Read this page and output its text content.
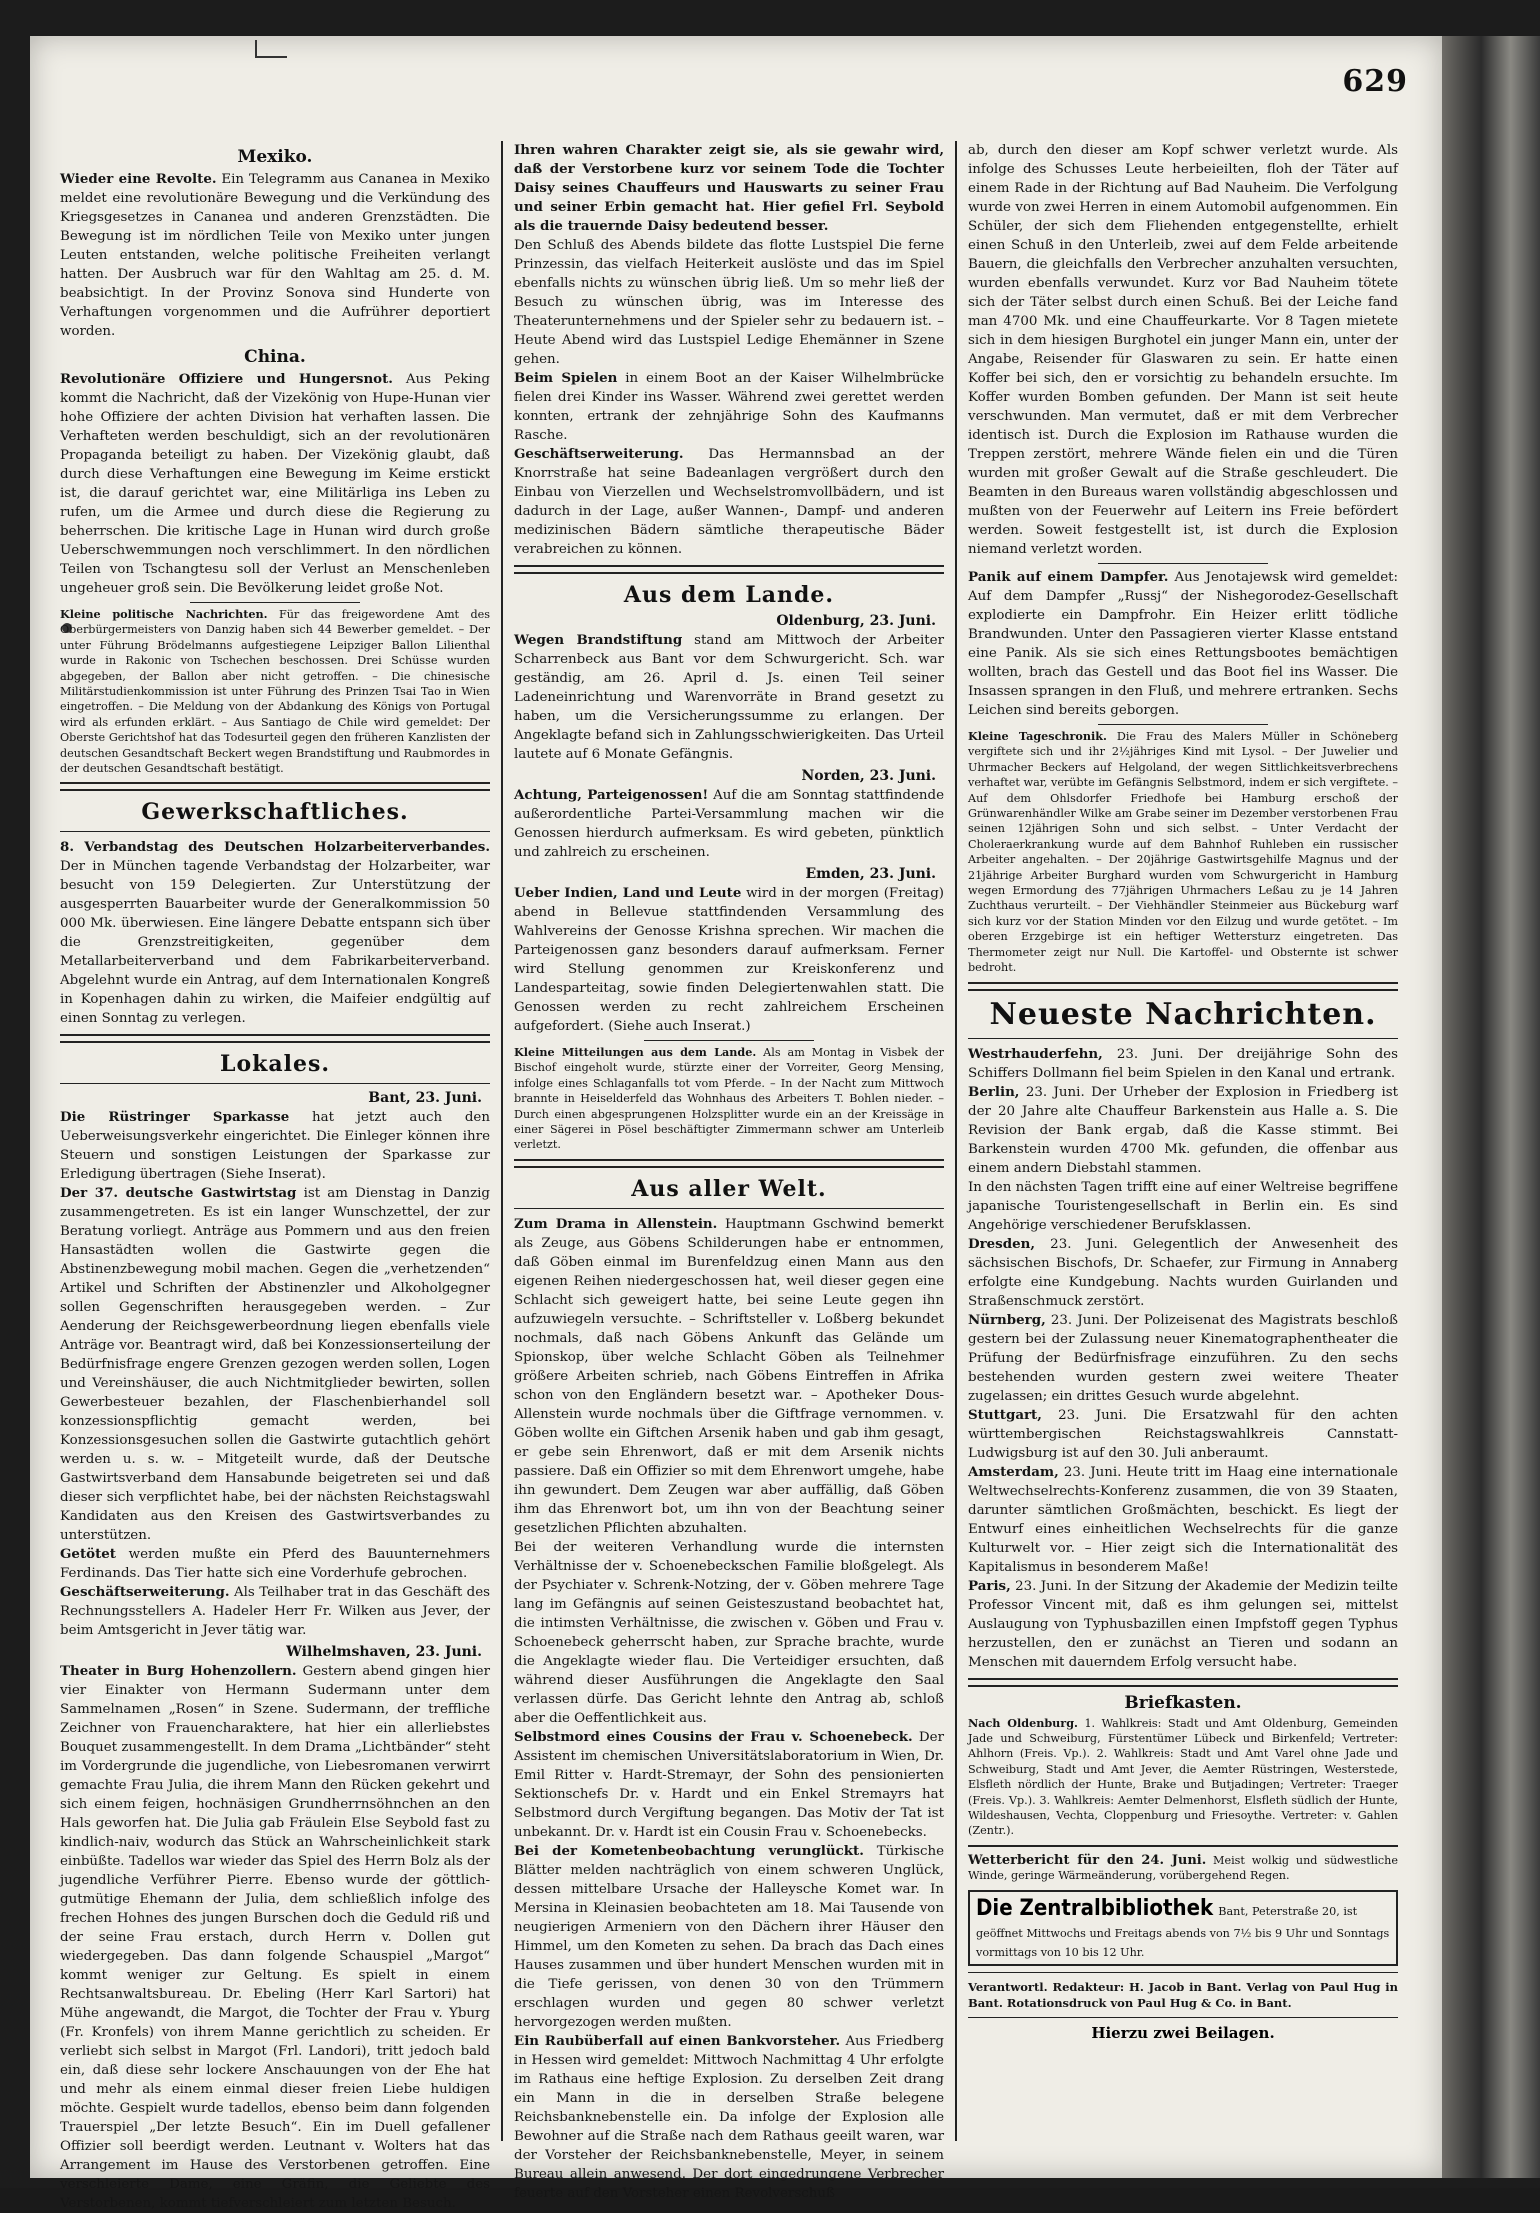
629
Mexiko.

Wieder eine Revolte. Ein Telegramm aus Cananea in Mexiko meldet eine revolutionäre Bewegung und die Verkündung des Kriegsgesetzes in Cananea und anderen Grenzstädten. Die Bewegung ist im nördlichen Teile von Mexiko unter jungen Leuten entstanden, welche politische Freiheiten verlangt hatten. Der Ausbruch war für den Wahltag am 25. d. M. beabsichtigt. In der Provinz Sonova sind Hunderte von Verhaftungen vorgenommen und die Aufrührer deportiert worden.

China.

Revolutionäre Offiziere und Hungersnot. Aus Peking kommt die Nachricht, daß der Vizekönig von Hupe-Hunan vier hohe Offiziere der achten Division hat verhaften lassen. Die Verhafteten werden beschuldigt, sich an der revolutionären Propaganda beteiligt zu haben. Der Vizekönig glaubt, daß durch diese Verhaftungen eine Bewegung im Keime erstickt ist, die darauf gerichtet war, eine Militärliga ins Leben zu rufen, um die Armee und durch diese die Regierung zu beherrschen. Die kritische Lage in Hunan wird durch große Ueberschwemmungen noch verschlimmert. In den nördlichen Teilen von Tschangtesu soll der Verlust an Menschenleben ungeheuer groß sein. Die Bevölkerung leidet große Not.

Kleine politische Nachrichten. Für das freigewordene Amt des Oberbürgermeisters von Danzig haben sich 44 Bewerber gemeldet. – Der unter Führung Brödelmanns aufgestiegene Leipziger Ballon Lilienthal wurde in Rakonic von Tschechen beschossen. Drei Schüsse wurden abgegeben, der Ballon aber nicht getroffen. – Die chinesische Militärstudienkommission ist unter Führung des Prinzen Tsai Tao in Wien eingetroffen. – Die Meldung von der Abdankung des Königs von Portugal wird als erfunden erklärt. – Aus Santiago de Chile wird gemeldet: Der Oberste Gerichtshof hat das Todesurteil gegen den früheren Kanzlisten der deutschen Gesandtschaft Beckert wegen Brandstiftung und Raubmordes in der deutschen Gesandtschaft bestätigt.

Gewerkschaftliches.

8. Verbandstag des Deutschen Holzarbeiterverbandes. Der in München tagende Verbandstag der Holzarbeiter, war besucht von 159 Delegierten. Zur Unterstützung der ausgesperrten Bauarbeiter wurde der Generalkommission 50 000 Mk. überwiesen. Eine längere Debatte entspann sich über die Grenzstreitigkeiten, gegenüber dem Metallarbeiterverband und dem Fabrikarbeiterverband. Abgelehnt wurde ein Antrag, auf dem Internationalen Kongreß in Kopenhagen dahin zu wirken, die Maifeier endgültig auf einen Sonntag zu verlegen.

Lokales.
Bant, 23. Juni.

Die Rüstringer Sparkasse hat jetzt auch den Ueberweisungsverkehr eingerichtet. Die Einleger können ihre Steuern und sonstigen Leistungen der Sparkasse zur Erledigung übertragen (Siehe Inserat).

Der 37. deutsche Gastwirtstag ist am Dienstag in Danzig zusammengetreten. Es ist ein langer Wunschzettel, der zur Beratung vorliegt. Anträge aus Pommern und aus den freien Hansastädten wollen die Gastwirte gegen die Abstinenzbewegung mobil machen. Gegen die „verhetzenden“ Artikel und Schriften der Abstinenzler und Alkoholgegner sollen Gegenschriften herausgegeben werden. – Zur Aenderung der Reichsgewerbeordnung liegen ebenfalls viele Anträge vor. Beantragt wird, daß bei Konzessionserteilung der Bedürfnisfrage engere Grenzen gezogen werden sollen, Logen und Vereinshäuser, die auch Nichtmitglieder bewirten, sollen Gewerbesteuer bezahlen, der Flaschenbierhandel soll konzessionspflichtig gemacht werden, bei Konzessionsgesuchen sollen die Gastwirte gutachtlich gehört werden u. s. w. – Mitgeteilt wurde, daß der Deutsche Gastwirtsverband dem Hansabunde beigetreten sei und daß dieser sich verpflichtet habe, bei der nächsten Reichstagswahl Kandidaten aus den Kreisen des Gastwirtsverbandes zu unterstützen.

Getötet werden mußte ein Pferd des Bauunternehmers Ferdinands. Das Tier hatte sich eine Vorderhufe gebrochen.

Geschäftserweiterung. Als Teilhaber trat in das Geschäft des Rechnungsstellers A. Hadeler Herr Fr. Wilken aus Jever, der beim Amtsgericht in Jever tätig war.

Wilhelmshaven, 23. Juni.

Theater in Burg Hohenzollern. Gestern abend gingen hier vier Einakter von Hermann Sudermann unter dem Sammelnamen „Rosen“ in Szene. Sudermann, der treffliche Zeichner von Frauencharaktere, hat hier ein allerliebstes Bouquet zusammengestellt. In dem Drama „Lichtbänder“ steht im Vordergrunde die jugendliche, von Liebesromanen verwirrt gemachte Frau Julia, die ihrem Mann den Rücken gekehrt und sich einem feigen, hochnäsigen Grundherrnsöhnchen an den Hals geworfen hat. Die Julia gab Fräulein Else Seybold fast zu kindlich-naiv, wodurch das Stück an Wahrscheinlichkeit stark einbüßte. Tadellos war wieder das Spiel des Herrn Bolz als der jugendliche Verführer Pierre. Ebenso wurde der göttlich-gutmütige Ehemann der Julia, dem schließlich infolge des frechen Hohnes des jungen Burschen doch die Geduld riß und der seine Frau erstach, durch Herrn v. Dollen gut wiedergegeben. Das dann folgende Schauspiel „Margot“ kommt weniger zur Geltung. Es spielt in einem Rechtsanwaltsbureau. Dr. Ebeling (Herr Karl Sartori) hat Mühe angewandt, die Margot, die Tochter der Frau v. Yburg (Fr. Kronfels) von ihrem Manne gerichtlich zu scheiden. Er verliebt sich selbst in Margot (Frl. Landori), tritt jedoch bald ein, daß diese sehr lockere Anschauungen von der Ehe hat und mehr als einem einmal dieser freien Liebe huldigen möchte. Gespielt wurde tadellos, ebenso beim dann folgenden Trauerspiel „Der letzte Besuch“. Ein im Duell gefallener Offizier soll beerdigt werden. Leutnant v. Wolters hat das Arrangement im Hause des Verstorbenen getroffen. Eine verschleierte Dame, eine Gräfin, die Geliebte des Verstorbenen, kommt tiefverschleiert zum letzten Besuch.

Ihren wahren Charakter zeigt sie, als sie gewahr wird, daß der Verstorbene kurz vor seinem Tode die Tochter Daisy seines Chauffeurs und Hauswarts zu seiner Frau und seiner Erbin gemacht hat. Hier gefiel Frl. Seybold als die trauernde Daisy bedeutend besser.

Den Schluß des Abends bildete das flotte Lustspiel Die ferne Prinzessin, das vielfach Heiterkeit auslöste und das im Spiel ebenfalls nichts zu wünschen übrig ließ. Um so mehr ließ der Besuch zu wünschen übrig, was im Interesse des Theaterunternehmens und der Spieler sehr zu bedauern ist. – Heute Abend wird das Lustspiel Ledige Ehemänner in Szene gehen.

Beim Spielen in einem Boot an der Kaiser Wilhelmbrücke fielen drei Kinder ins Wasser. Während zwei gerettet werden konnten, ertrank der zehnjährige Sohn des Kaufmanns Rasche.

Geschäftserweiterung. Das Hermannsbad an der Knorrstraße hat seine Badeanlagen vergrößert durch den Einbau von Vierzellen und Wechselstromvollbädern, und ist dadurch in der Lage, außer Wannen-, Dampf- und anderen medizinischen Bädern sämtliche therapeutische Bäder verabreichen zu können.

Aus dem Lande.
Oldenburg, 23. Juni.

Wegen Brandstiftung stand am Mittwoch der Arbeiter Scharrenbeck aus Bant vor dem Schwurgericht. Sch. war geständig, am 26. April d. Js. einen Teil seiner Ladeneinrichtung und Warenvorräte in Brand gesetzt zu haben, um die Versicherungssumme zu erlangen. Der Angeklagte befand sich in Zahlungsschwierigkeiten. Das Urteil lautete auf 6 Monate Gefängnis.

Norden, 23. Juni.

Achtung, Parteigenossen! Auf die am Sonntag stattfindende außerordentliche Partei-Versammlung machen wir die Genossen hierdurch aufmerksam. Es wird gebeten, pünktlich und zahlreich zu erscheinen.

Emden, 23. Juni.

Ueber Indien, Land und Leute wird in der morgen (Freitag) abend in Bellevue stattfindenden Versammlung des Wahlvereins der Genosse Krishna sprechen. Wir machen die Parteigenossen ganz besonders darauf aufmerksam. Ferner wird Stellung genommen zur Kreiskonferenz und Landesparteitag, sowie finden Delegiertenwahlen statt. Die Genossen werden zu recht zahlreichem Erscheinen aufgefordert. (Siehe auch Inserat.)

Kleine Mitteilungen aus dem Lande. Als am Montag in Visbek der Bischof eingeholt wurde, stürzte einer der Vorreiter, Georg Mensing, infolge eines Schlaganfalls tot vom Pferde. – In der Nacht zum Mittwoch brannte in Heiselderfeld das Wohnhaus des Arbeiters T. Bohlen nieder. – Durch einen abgesprungenen Holzsplitter wurde ein an der Kreissäge in einer Sägerei in Pösel beschäftigter Zimmermann schwer am Unterleib verletzt.

Aus aller Welt.

Zum Drama in Allenstein. Hauptmann Gschwind bemerkt als Zeuge, aus Göbens Schilderungen habe er entnommen, daß Göben einmal im Burenfeldzug einen Mann aus den eigenen Reihen niedergeschossen hat, weil dieser gegen eine Schlacht sich geweigert hatte, bei seine Leute gegen ihn aufzuwiegeln versuchte. – Schriftsteller v. Loßberg bekundet nochmals, daß nach Göbens Ankunft das Gelände um Spionskop, über welche Schlacht Göben als Teilnehmer größere Arbeiten schrieb, nach Göbens Eintreffen in Afrika schon von den Engländern besetzt war. – Apotheker Dous-Allenstein wurde nochmals über die Giftfrage vernommen. v. Göben wollte ein Giftchen Arsenik haben und gab ihm gesagt, er gebe sein Ehrenwort, daß er mit dem Arsenik nichts passiere. Daß ein Offizier so mit dem Ehrenwort umgehe, habe ihn gewundert. Dem Zeugen war aber auffällig, daß Göben ihm das Ehrenwort bot, um ihn von der Beachtung seiner gesetzlichen Pflichten abzuhalten.

Bei der weiteren Verhandlung wurde die internsten Verhältnisse der v. Schoenebeckschen Familie bloßgelegt. Als der Psychiater v. Schrenk-Notzing, der v. Göben mehrere Tage lang im Gefängnis auf seinen Geisteszustand beobachtet hat, die intimsten Verhältnisse, die zwischen v. Göben und Frau v. Schoenebeck geherrscht haben, zur Sprache brachte, wurde die Angeklagte wieder flau. Die Verteidiger ersuchten, daß während dieser Ausführungen die Angeklagte den Saal verlassen dürfe. Das Gericht lehnte den Antrag ab, schloß aber die Oeffentlichkeit aus.

Selbstmord eines Cousins der Frau v. Schoenebeck. Der Assistent im chemischen Universitätslaboratorium in Wien, Dr. Emil Ritter v. Hardt-Stremayr, der Sohn des pensionierten Sektionschefs Dr. v. Hardt und ein Enkel Stremayrs hat Selbstmord durch Vergiftung begangen. Das Motiv der Tat ist unbekannt. Dr. v. Hardt ist ein Cousin Frau v. Schoenebecks.

Bei der Kometenbeobachtung verunglückt. Türkische Blätter melden nachträglich von einem schweren Unglück, dessen mittelbare Ursache der Halleysche Komet war. In Mersina in Kleinasien beobachteten am 18. Mai Tausende von neugierigen Armeniern von den Dächern ihrer Häuser den Himmel, um den Kometen zu sehen. Da brach das Dach eines Hauses zusammen und über hundert Menschen wurden mit in die Tiefe gerissen, von denen 30 von den Trümmern erschlagen wurden und gegen 80 schwer verletzt hervorgezogen werden mußten.

Ein Raubüberfall auf einen Bankvorsteher. Aus Friedberg in Hessen wird gemeldet: Mittwoch Nachmittag 4 Uhr erfolgte im Rathaus eine heftige Explosion. Zu derselben Zeit drang ein Mann in die in derselben Straße belegene Reichsbanknebenstelle ein. Da infolge der Explosion alle Bewohner auf die Straße nach dem Rathaus geeilt waren, war der Vorsteher der Reichsbanknebenstelle, Meyer, in seinem Bureau allein anwesend. Der dort eingedrungene Verbrecher feuerte auf den Vorsteher einen Revolverschuß

ab, durch den dieser am Kopf schwer verletzt wurde. Als infolge des Schusses Leute herbeieilten, floh der Täter auf einem Rade in der Richtung auf Bad Nauheim. Die Verfolgung wurde von zwei Herren in einem Automobil aufgenommen. Ein Schüler, der sich dem Fliehenden entgegenstellte, erhielt einen Schuß in den Unterleib, zwei auf dem Felde arbeitende Bauern, die gleichfalls den Verbrecher anzuhalten versuchten, wurden ebenfalls verwundet. Kurz vor Bad Nauheim tötete sich der Täter selbst durch einen Schuß. Bei der Leiche fand man 4700 Mk. und eine Chauffeurkarte. Vor 8 Tagen mietete sich in dem hiesigen Burghotel ein junger Mann ein, unter der Angabe, Reisender für Glaswaren zu sein. Er hatte einen Koffer bei sich, den er vorsichtig zu behandeln ersuchte. Im Koffer wurden Bomben gefunden. Der Mann ist seit heute verschwunden. Man vermutet, daß er mit dem Verbrecher identisch ist. Durch die Explosion im Rathause wurden die Treppen zerstört, mehrere Wände fielen ein und die Türen wurden mit großer Gewalt auf die Straße geschleudert. Die Beamten in den Bureaus waren vollständig abgeschlossen und mußten von der Feuerwehr auf Leitern ins Freie befördert werden. Soweit festgestellt ist, ist durch die Explosion niemand verletzt worden.

Panik auf einem Dampfer. Aus Jenotajewsk wird gemeldet: Auf dem Dampfer „Russj“ der Nishegorodez-Gesellschaft explodierte ein Dampfrohr. Ein Heizer erlitt tödliche Brandwunden. Unter den Passagieren vierter Klasse entstand eine Panik. Als sie sich eines Rettungsbootes bemächtigen wollten, brach das Gestell und das Boot fiel ins Wasser. Die Insassen sprangen in den Fluß, und mehrere ertranken. Sechs Leichen sind bereits geborgen.

Kleine Tageschronik. Die Frau des Malers Müller in Schöneberg vergiftete sich und ihr 2½jähriges Kind mit Lysol. – Der Juwelier und Uhrmacher Beckers auf Helgoland, der wegen Sittlichkeitsverbrechens verhaftet war, verübte im Gefängnis Selbstmord, indem er sich vergiftete. – Auf dem Ohlsdorfer Friedhofe bei Hamburg erschoß der Grünwarenhändler Wilke am Grabe seiner im Dezember verstorbenen Frau seinen 12jährigen Sohn und sich selbst. – Unter Verdacht der Choleraerkrankung wurde auf dem Bahnhof Ruhleben ein russischer Arbeiter angehalten. – Der 20jährige Gastwirtsgehilfe Magnus und der 21jährige Arbeiter Burghard wurden vom Schwurgericht in Hamburg wegen Ermordung des 77jährigen Uhrmachers Leßau zu je 14 Jahren Zuchthaus verurteilt. – Der Viehhändler Steinmeier aus Bückeburg warf sich kurz vor der Station Minden vor den Eilzug und wurde getötet. – Im oberen Erzgebirge ist ein heftiger Wettersturz eingetreten. Das Thermometer zeigt nur Null. Die Kartoffel- und Obsternte ist schwer bedroht.

Neueste Nachrichten.

Westrhauderfehn, 23. Juni. Der dreijährige Sohn des Schiffers Dollmann fiel beim Spielen in den Kanal und ertrank.

Berlin, 23. Juni. Der Urheber der Explosion in Friedberg ist der 20 Jahre alte Chauffeur Barkenstein aus Halle a. S. Die Revision der Bank ergab, daß die Kasse stimmt. Bei Barkenstein wurden 4700 Mk. gefunden, die offenbar aus einem andern Diebstahl stammen.

In den nächsten Tagen trifft eine auf einer Weltreise begriffene japanische Touristengesellschaft in Berlin ein. Es sind Angehörige verschiedener Berufsklassen.

Dresden, 23. Juni. Gelegentlich der Anwesenheit des sächsischen Bischofs, Dr. Schaefer, zur Firmung in Annaberg erfolgte eine Kundgebung. Nachts wurden Guirlanden und Straßenschmuck zerstört.

Nürnberg, 23. Juni. Der Polizeisenat des Magistrats beschloß gestern bei der Zulassung neuer Kinematographentheater die Prüfung der Bedürfnisfrage einzuführen. Zu den sechs bestehenden wurden gestern zwei weitere Theater zugelassen; ein drittes Gesuch wurde abgelehnt.

Stuttgart, 23. Juni. Die Ersatzwahl für den achten württembergischen Reichstagswahlkreis Cannstatt-Ludwigsburg ist auf den 30. Juli anberaumt.

Amsterdam, 23. Juni. Heute tritt im Haag eine internationale Weltwechselrechts-Konferenz zusammen, die von 39 Staaten, darunter sämtlichen Großmächten, beschickt. Es liegt der Entwurf eines einheitlichen Wechselrechts für die ganze Kulturwelt vor. – Hier zeigt sich die Internationalität des Kapitalismus in besonderem Maße!

Paris, 23. Juni. In der Sitzung der Akademie der Medizin teilte Professor Vincent mit, daß es ihm gelungen sei, mittelst Auslaugung von Typhusbazillen einen Impfstoff gegen Typhus herzustellen, den er zunächst an Tieren und sodann an Menschen mit dauerndem Erfolg versucht habe.

Briefkasten.

Nach Oldenburg. 1. Wahlkreis: Stadt und Amt Oldenburg, Gemeinden Jade und Schweiburg, Fürstentümer Lübeck und Birkenfeld; Vertreter: Ahlhorn (Freis. Vp.). 2. Wahlkreis: Stadt und Amt Varel ohne Jade und Schweiburg, Stadt und Amt Jever, die Aemter Rüstringen, Westerstede, Elsfleth nördlich der Hunte, Brake und Butjadingen; Vertreter: Traeger (Freis. Vp.). 3. Wahlkreis: Aemter Delmenhorst, Elsfleth südlich der Hunte, Wildeshausen, Vechta, Cloppenburg und Friesoythe. Vertreter: v. Gahlen (Zentr.).

Wetterbericht für den 24. Juni. Meist wolkig und südwestliche Winde, geringe Wärmeänderung, vorübergehend Regen.

Die Zentralbibliothek Bant, Peterstraße 20, ist geöffnet Mittwochs und Freitags abends von 7½ bis 9 Uhr und Sonntags vormittags von 10 bis 12 Uhr.

Verantwortl. Redakteur: H. Jacob in Bant. Verlag von Paul Hug in Bant. Rotationsdruck von Paul Hug & Co. in Bant.

Hierzu zwei Beilagen.
